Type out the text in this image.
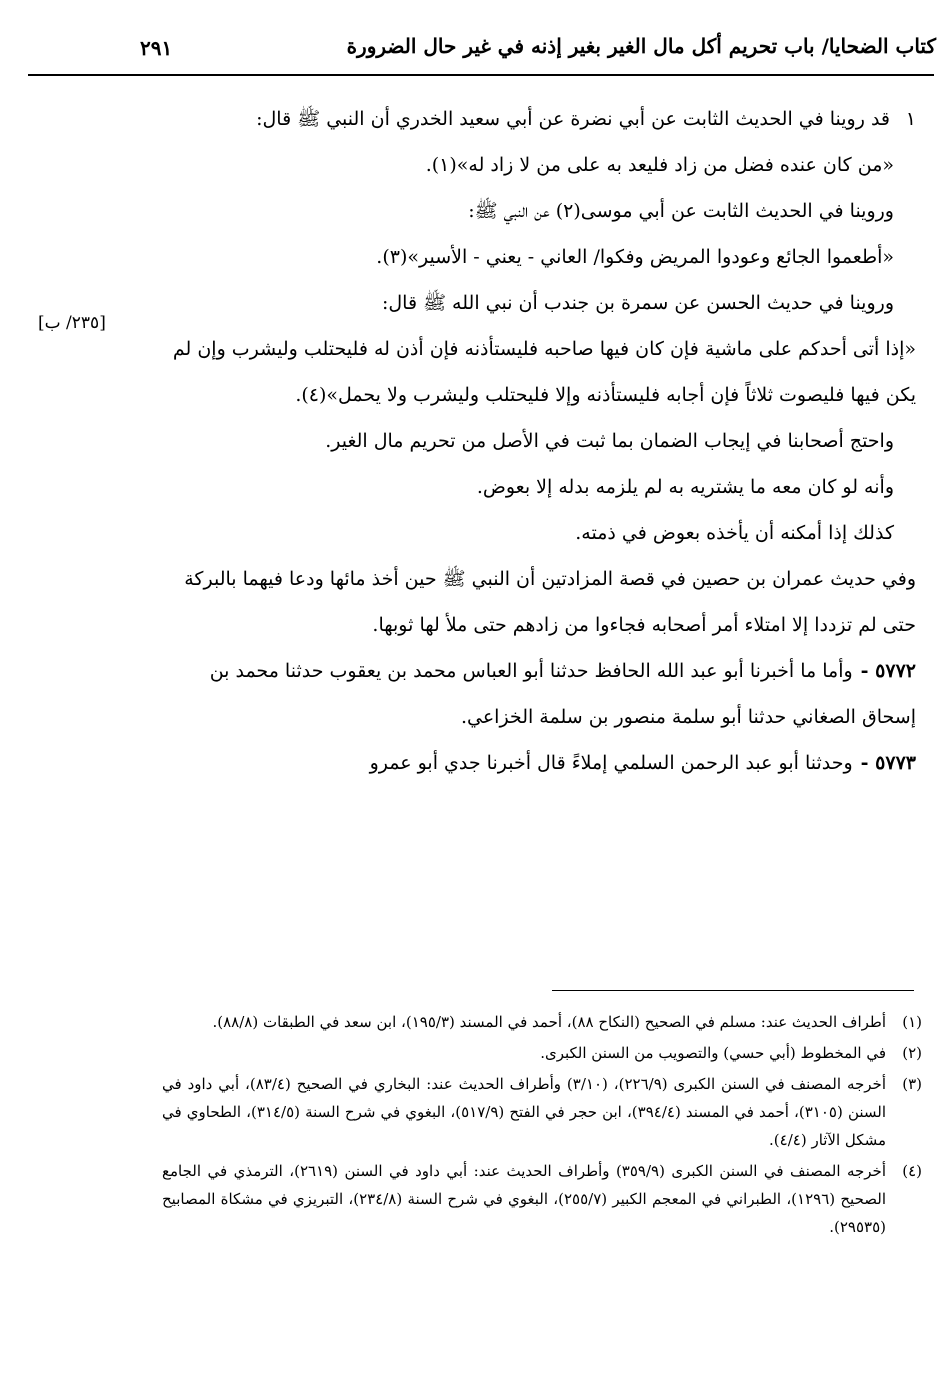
كتاب الضحايا/ باب تحريم أكل مال الغير بغير إذنه في غير حال الضرورة
٢٩١
[٢٣٥/ ب]

١قد روينا في الحديث الثابت عن أبي نضرة عن أبي سعيد الخدري أن النبي ﷺ قال:

«من كان عنده فضل من زاد فليعد به على من لا زاد له»(١).

وروينا في الحديث الثابت عن أبي موسى(٢) عن النبي ﷺ:

«أطعموا الجائع وعودوا المريض وفكوا/ العاني - يعني - الأسير»(٣).

وروينا في حديث الحسن عن سمرة بن جندب أن نبي الله ﷺ قال:

«إذا أتى أحدكم على ماشية فإن كان فيها صاحبه فليستأذنه فإن أذن له فليحتلب وليشرب وإن لم يكن فيها فليصوت ثلاثاً فإن أجابه فليستأذنه وإلا فليحتلب وليشرب ولا يحمل»(٤).

واحتج أصحابنا في إيجاب الضمان بما ثبت في الأصل من تحريم مال الغير.

وأنه لو كان معه ما يشتريه به لم يلزمه بدله إلا بعوض.

كذلك إذا أمكنه أن يأخذه بعوض في ذمته.

وفي حديث عمران بن حصين في قصة المزادتين أن النبي ﷺ حين أخذ مائها ودعا فيهما بالبركة حتى لم تزددا إلا امتلاء أمر أصحابه فجاءوا من زادهم حتى ملأ لها ثوبها.

٥٧٧٢ -وأما ما أخبرنا أبو عبد الله الحافظ حدثنا أبو العباس محمد بن يعقوب حدثنا محمد بن إسحاق الصغاني حدثنا أبو سلمة منصور بن سلمة الخزاعي.

٥٧٧٣ -وحدثنا أبو عبد الرحمن السلمي إملاءً قال أخبرنا جدي أبو عمرو

(١)
أطراف الحديث عند: مسلم في الصحيح (النكاح ٨٨)، أحمد في المسند (١٩٥/٣)، ابن سعد في الطبقات (٨٨/٨).
(٢)
في المخطوط (أبي حسي) والتصويب من السنن الكبرى.
(٣)
أخرجه المصنف في السنن الكبرى (٢٢٦/٩)، (٣/١٠) وأطراف الحديث عند: البخاري في الصحيح (٨٣/٤)، أبي داود في السنن (٣١٠٥)، أحمد في المسند (٣٩٤/٤)، ابن حجر في الفتح (٥١٧/٩)، البغوي في شرح السنة (٣١٤/٥)، الطحاوي في مشكل الآثار (٤/٤).
(٤)
أخرجه المصنف في السنن الكبرى (٣٥٩/٩) وأطراف الحديث عند: أبي داود في السنن (٢٦١٩)، الترمذي في الجامع الصحيح (١٢٩٦)، الطبراني في المعجم الكبير (٢٥٥/٧)، البغوي في شرح السنة (٢٣٤/٨)، التبريزي في مشكاة المصابيح (٢٩٥٣٥).
